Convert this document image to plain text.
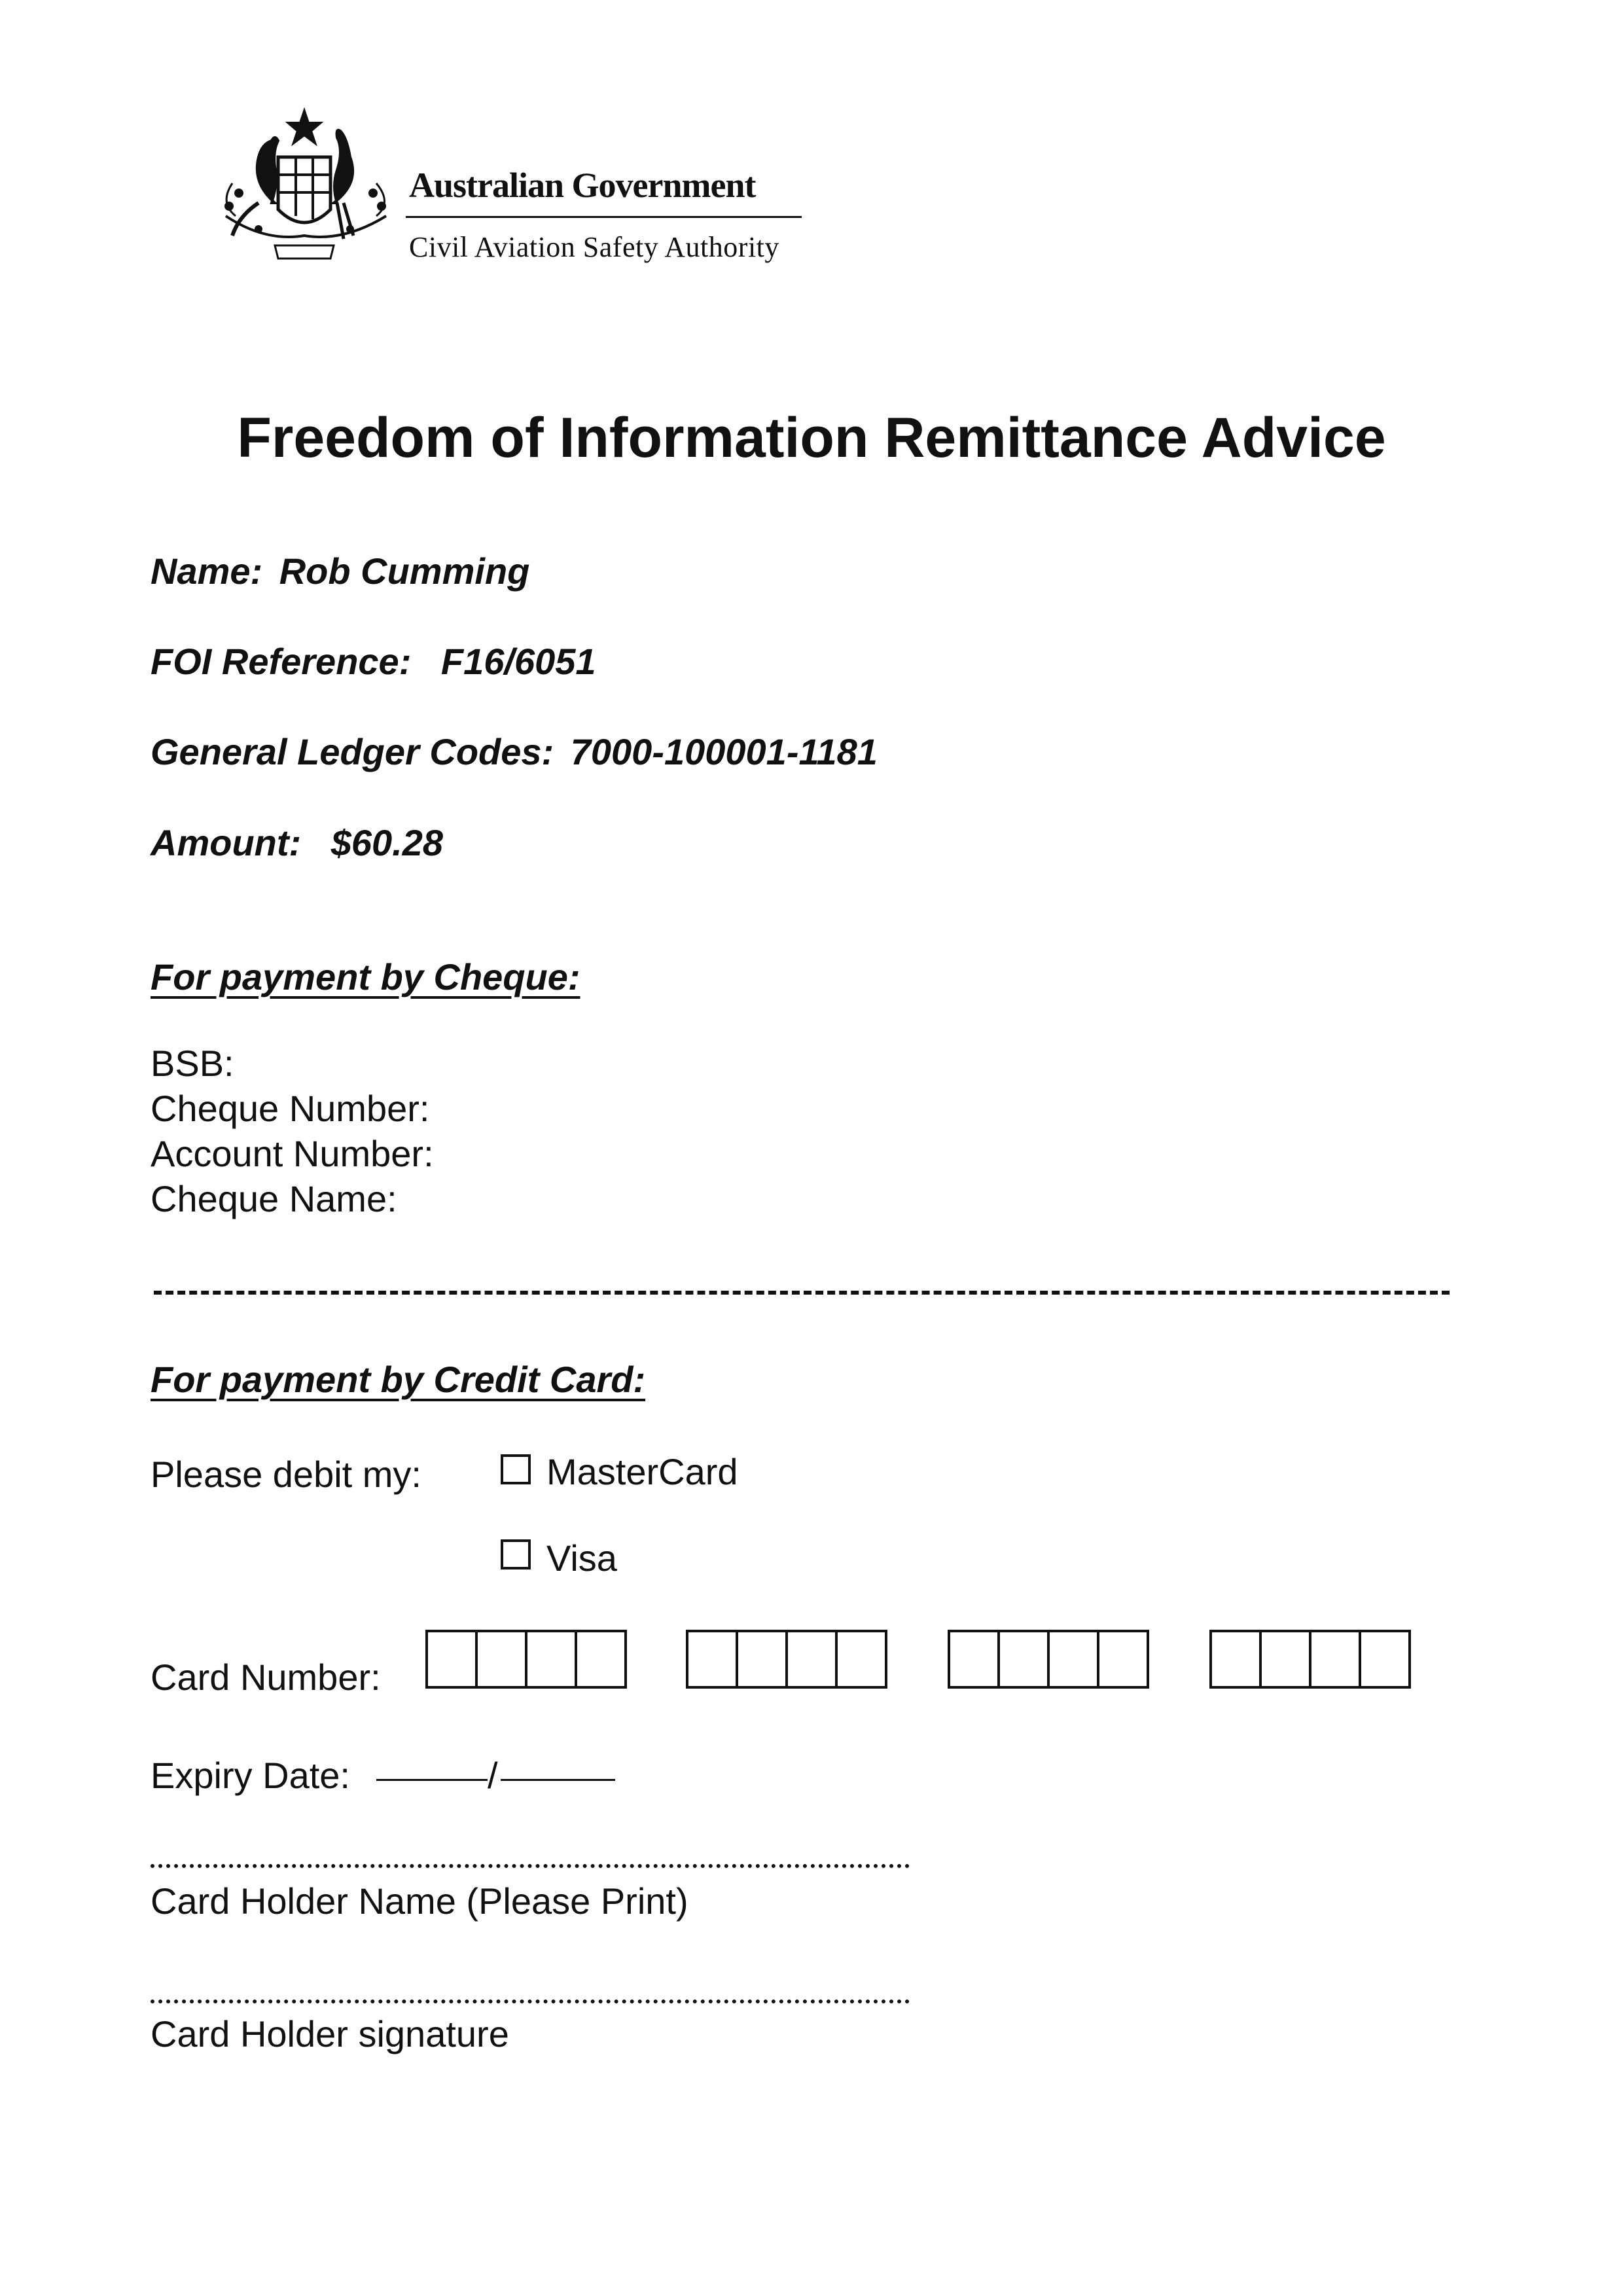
Australian Government
Civil Aviation Safety Authority
Freedom of Information Remittance Advice
Name: Rob Cumming
FOI Reference: F16/6051
General Ledger Codes: 7000-100001-1181
Amount: $60.28
For payment by Cheque:
BSB:
Cheque Number:
Account Number:
Cheque Name:
For payment by Credit Card:
Please debit my:	MasterCard
Visa
Card Number:
Expiry Date:	/
Card Holder Name (Please Print)
Card Holder signature
